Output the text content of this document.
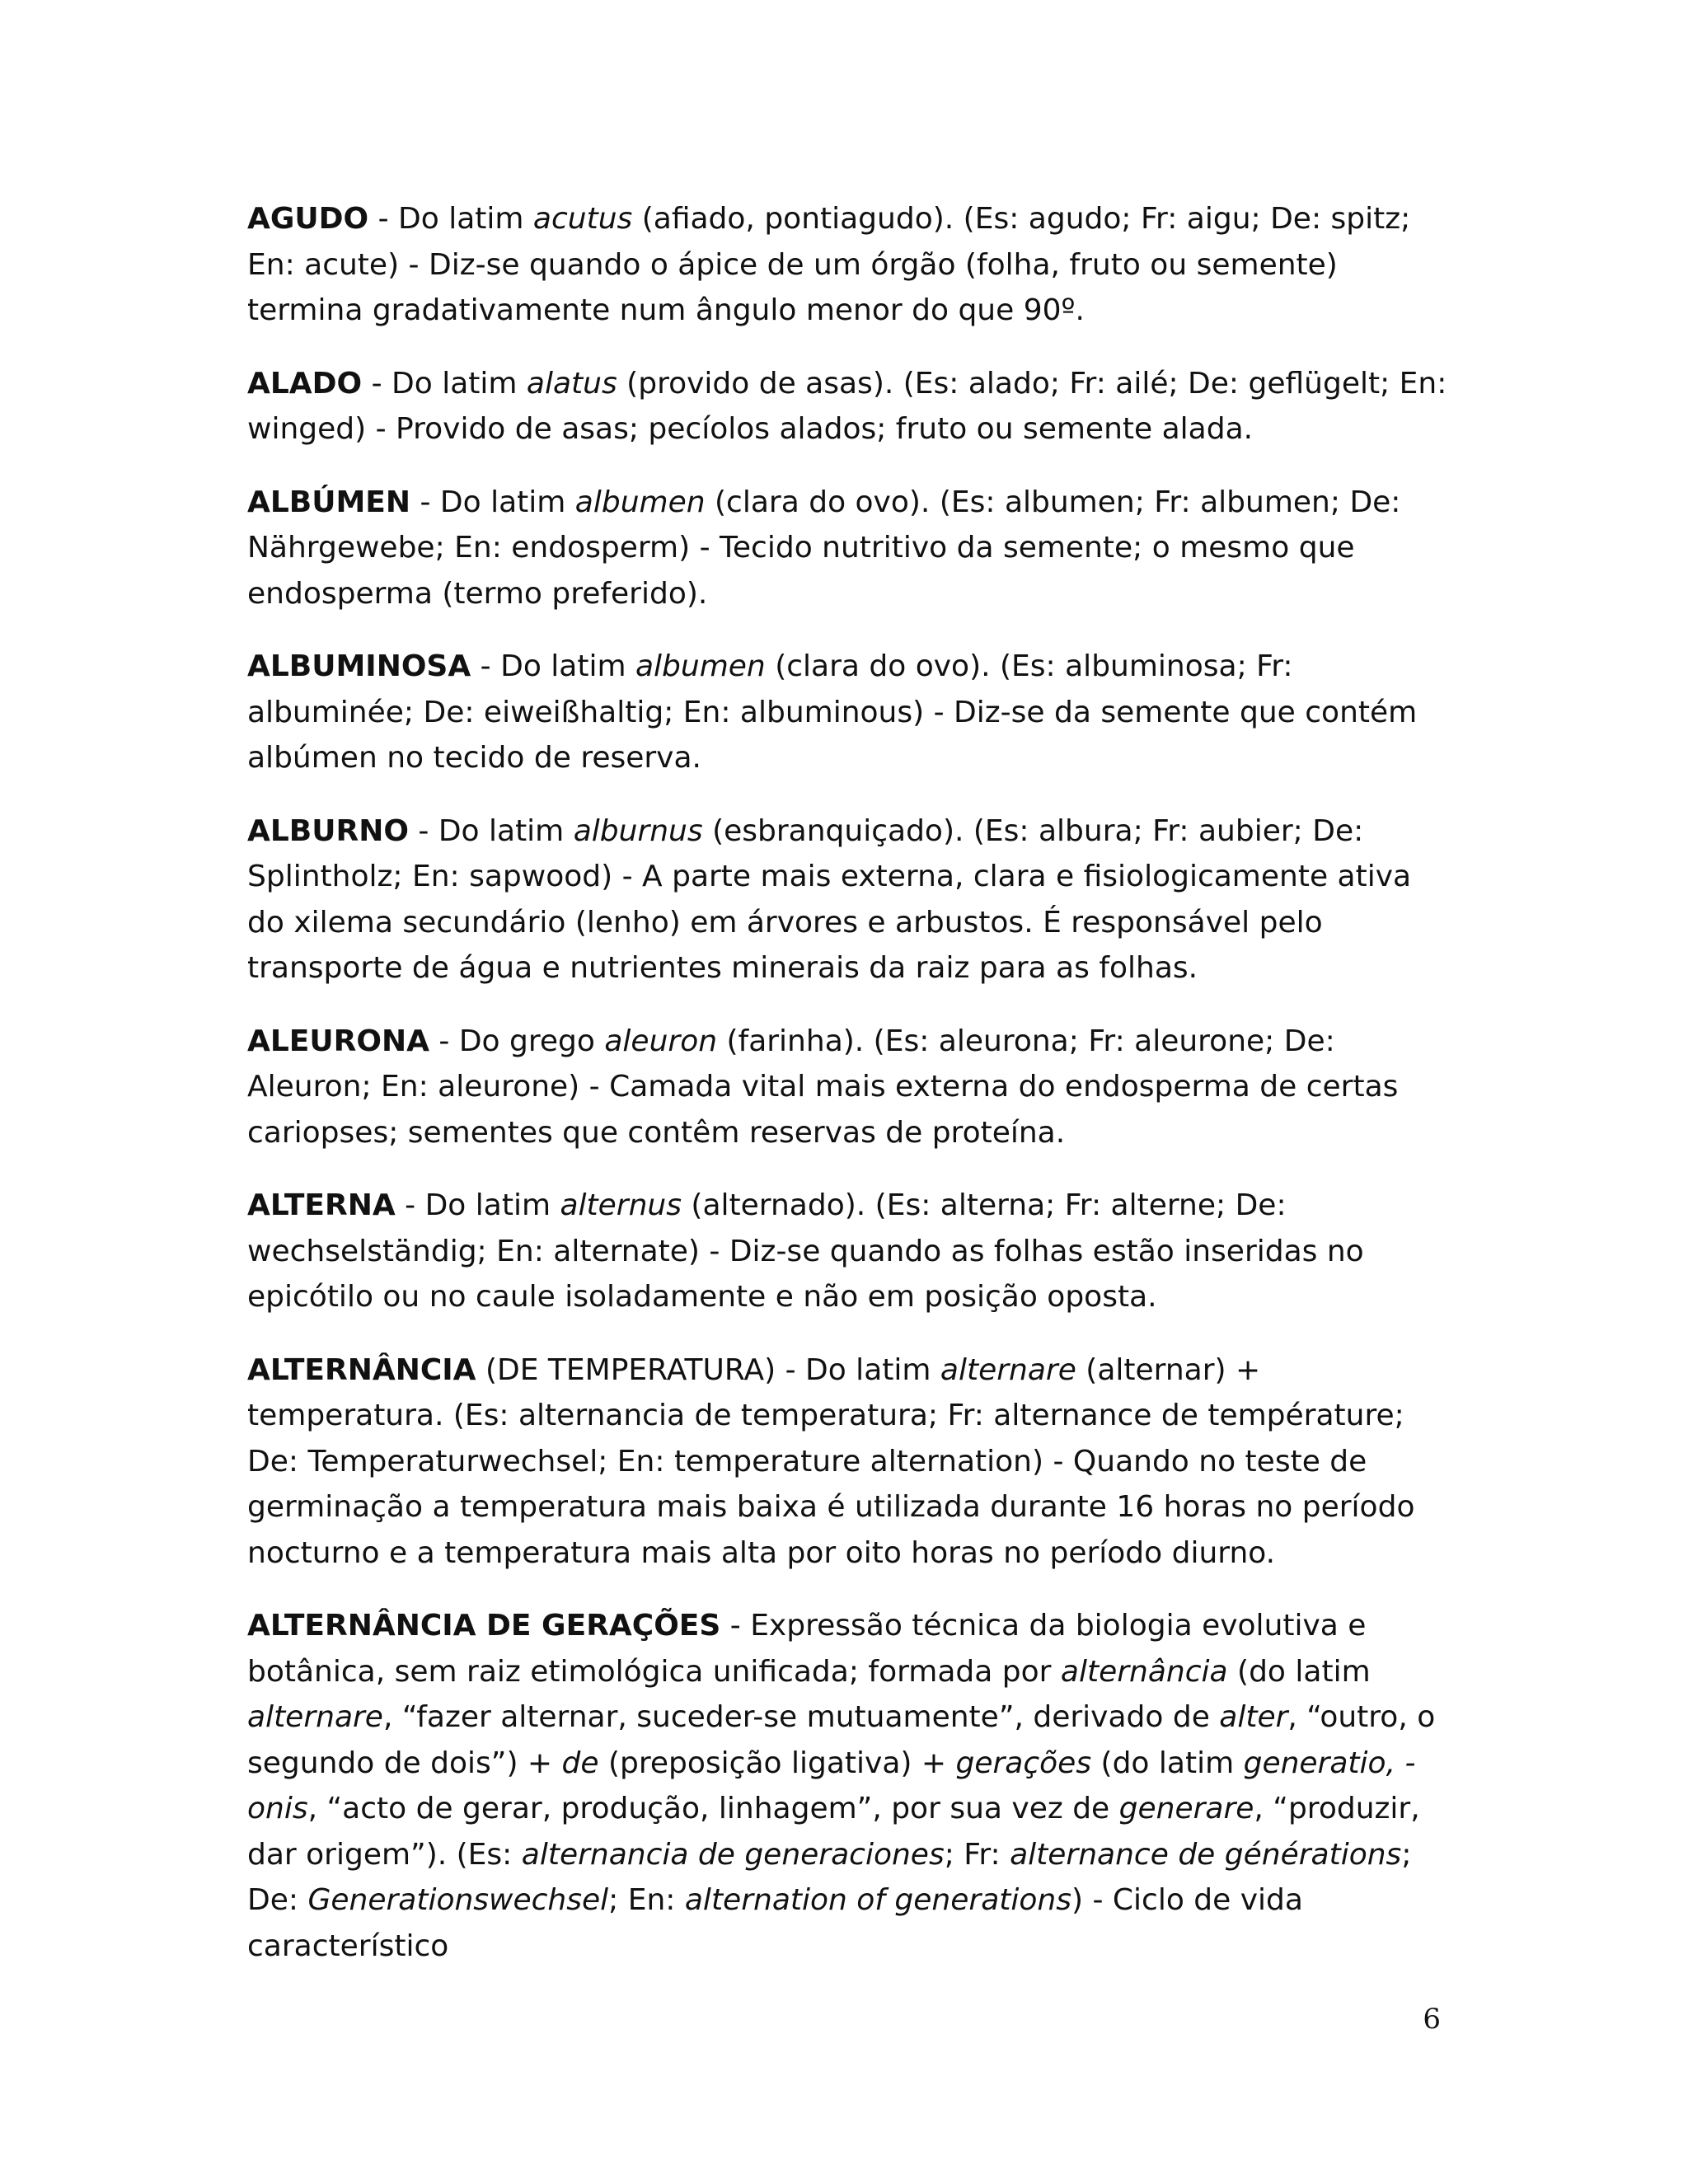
AGUDO - Do latim acutus (afiado, pontiagudo). (Es: agudo; Fr: aigu; De: spitz; En: acute) - Diz-se quando o ápice de um órgão (folha, fruto ou semente) termina gradativamente num ângulo menor do que 90º.

ALADO - Do latim alatus (provido de asas). (Es: alado; Fr: ailé; De: geflügelt; En: winged) - Provido de asas; pecíolos alados; fruto ou semente alada.

ALBÚMEN - Do latim albumen (clara do ovo). (Es: albumen; Fr: albumen; De: Nährgewebe; En: endosperm) - Tecido nutritivo da semente; o mesmo que endosperma (termo preferido).

ALBUMINOSA - Do latim albumen (clara do ovo). (Es: albuminosa; Fr: albuminée; De: eiweißhaltig; En: albuminous) - Diz-se da semente que contém albúmen no tecido de reserva.

ALBURNO - Do latim alburnus (esbranquiçado). (Es: albura; Fr: aubier; De: Splintholz; En: sapwood) - A parte mais externa, clara e fisiologicamente ativa do xilema secundário (lenho) em árvores e arbustos. É responsável pelo transporte de água e nutrientes minerais da raiz para as folhas.

ALEURONA - Do grego aleuron (farinha). (Es: aleurona; Fr: aleurone; De: Aleuron; En: aleurone) - Camada vital mais externa do endosperma de certas cariopses; sementes que contêm reservas de proteína.

ALTERNA - Do latim alternus (alternado). (Es: alterna; Fr: alterne; De: wechselständig; En: alternate) - Diz-se quando as folhas estão inseridas no epicótilo ou no caule isoladamente e não em posição oposta.

ALTERNÂNCIA (DE TEMPERATURA) - Do latim alternare (alternar) + temperatura. (Es: alternancia de temperatura; Fr: alternance de température; De: Temperaturwechsel; En: temperature alternation) - Quando no teste de germinação a temperatura mais baixa é utilizada durante 16 horas no período nocturno e a temperatura mais alta por oito horas no período diurno.

ALTERNÂNCIA DE GERAÇÕES - Expressão técnica da biologia evolutiva e botânica, sem raiz etimológica unificada; formada por alternância (do latim alternare, “fazer alternar, suceder-se mutuamente”, derivado de alter, “outro, o segundo de dois”) + de (preposição ligativa) + gerações (do latim generatio, -onis, “acto de gerar, produção, linhagem”, por sua vez de generare, “produzir, dar origem”). (Es: alternancia de generaciones; Fr: alternance de générations; De: Generationswechsel; En: alternation of generations) - Ciclo de vida característico

6
